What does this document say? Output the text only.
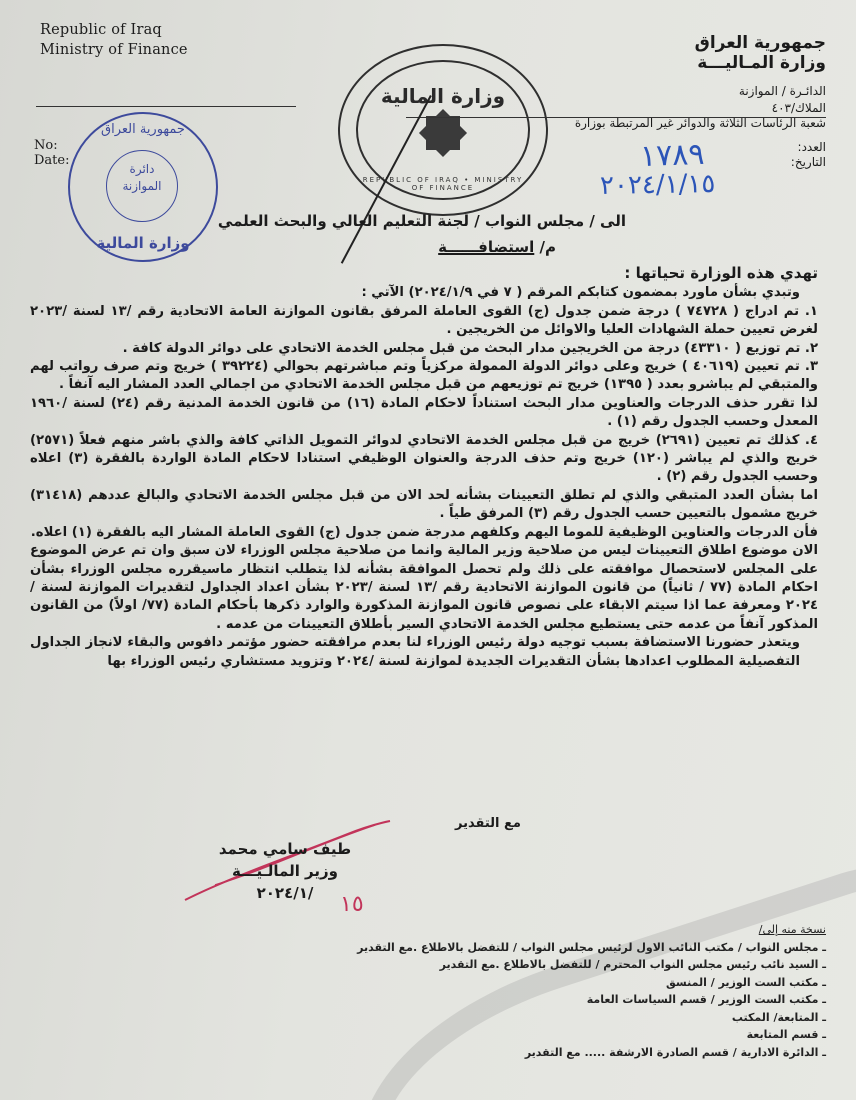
Republic of Iraq
Ministry of Finance
No:
Date:
وزارة المالية
REPUBLIC OF IRAQ • MINISTRY OF FINANCE
جمهورية العراق
وزارة المـاليـــة
الدائـرة / الموازنة
الملاك/٤٠٣
شعبة الرئاسات الثلاثة والدوائر غير المرتبطة بوزارة
العدد:
التاريخ:
١٧٨٩
٢٠٢٤/١/١٥
جمهورية العراق
دائرة
الموازنة
وزارة المالية
الى / مجلس النواب / لجنة التعليم العالي والبحث العلمي
م/ استضافــــــة

تهدي هذه الوزارة تحياتها :

وتبدي بشأن ماورد بمضمون كتابكم المرقم ( ٧ في ٢٠٢٤/١/٩) الآتي :

١. تم ادراج ( ٧٤٧٢٨ ) درجة ضمن جدول (ج) القوى العاملة المرفق بقانون الموازنة العامة الاتحادية رقم /١٣ لسنة /٢٠٢٣ لغرض تعيين حملة الشهادات العليا والاوائل من الخريجين .

٢. تم توزيع ( ٤٣٣١٠) درجة من الخريجين مدار البحث من قبل مجلس الخدمة الاتحادي على دوائر الدولة كافة .

٣. تم تعيين (٤٠٦١٩ ) خريج وعلى دوائر الدولة الممولة مركزياً وتم مباشرتهم بحوالي (٣٩٢٢٤ ) خريج وتم صرف رواتب لهم والمتبقي لم يباشرو بعدد ( ١٣٩٥) خريج تم توزيعهم من قبل مجلس الخدمة الاتحادي من اجمالي العدد المشار اليه آنفاً .

لذا تقرر حذف الدرجات والعناوين مدار البحث استناداً لاحكام المادة (١٦) من قانون الخدمة المدنية رقم (٢٤) لسنة /١٩٦٠ المعدل وحسب الجدول رقم (١) .

٤. كذلك تم تعيين (٢٦٩١) خريج من قبل مجلس الخدمة الاتحادي لدوائر التمويل الذاتي كافة والذي باشر منهم فعلاً (٢٥٧١) خريج والذي لم يباشر (١٢٠) خريج وتم حذف الدرجة والعنوان الوظيفي استنادا لاحكام المادة الواردة بالفقرة (٣) اعلاه وحسب الجدول رقم (٢) .

اما بشأن العدد المتبقي والذي لم تطلق التعيينات بشأنه لحد الان من قبل مجلس الخدمة الاتحادي والبالغ عددهم (٣١٤١٨) خريج مشمول بالتعيين حسب الجدول رقم (٣) المرفق طياً .

فأن الدرجات والعناوين الوظيفية للموما اليهم وكلفهم مدرجة ضمن جدول (ج) القوى العاملة المشار اليه بالفقرة (١) اعلاه.

الان موضوع اطلاق التعيينات ليس من صلاحية وزير المالية وانما من صلاحية مجلس الوزراء لان سبق وان تم عرض الموضوع على المجلس لاستحصال موافقته على ذلك ولم تحصل الموافقة بشأنه لذا يتطلب انتظار ماسيقرره مجلس الوزراء بشأن احكام المادة (٧٧ / ثانياً) من قانون الموازنة الاتحادية رقم /١٣ لسنة /٢٠٢٣ بشأن اعداد الجداول لتقديرات الموازنة لسنة /٢٠٢٤ ومعرفة عما اذا سيتم الابقاء على نصوص قانون الموازنة المذكورة والوارد ذكرها بأحكام المادة (٧٧/ اولاً) من القانون المذكور آنفاً من عدمه حتى يستطيع مجلس الخدمة الاتحادي السير بأطلاق التعيينات من عدمه .

ويتعذر حضورنا الاستضافة بسبب توجيه دولة رئيس الوزراء لنا بعدم مرافقته حضور مؤتمر دافوس والبقاء لانجاز الجداول التفصيلية المطلوب اعدادها بشأن التقديرات الجديدة لموازنة لسنة /٢٠٢٤ وتزويد مستشاري رئيس الوزراء بها

مع التقدير
طيف سامي محمد
وزير المالـيـــة
/٢٠٢٤/١	١٥
نسخة منه إلى/
ـ مجلس النواب / مكتب النائب الاول لرئيس مجلس النواب / للتفضل بالاطلاع .مع التقدير
ـ السيد نائب رئيس مجلس النواب المحترم / للتفضل بالاطلاع .مع التقدير
ـ مكتب الست الوزير / المنسق
ـ مكتب الست الوزير / قسم السياسات العامة
ـ المتابعة/ المكتب
ـ قسم المتابعة
ـ الدائرة الادارية / قسم الصادرة الارشفة ..... مع التقدير
